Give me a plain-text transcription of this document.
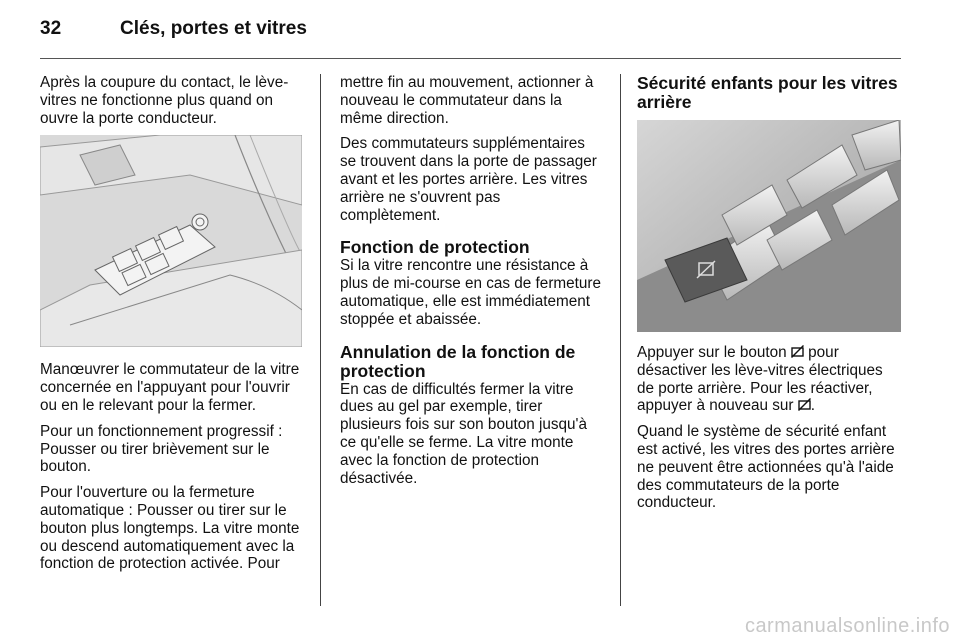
32	Clés, portes et vitres

Après la coupure du contact, le lève-vitres ne fonctionne plus quand on ouvre la porte conducteur.

Manœuvrer le commutateur de la vitre concernée en l'appuyant pour l'ouvrir ou en le relevant pour la fermer.

Pour un fonctionnement progressif : Pousser ou tirer brièvement sur le bouton.

Pour l'ouverture ou la fermeture automatique : Pousser ou tirer sur le bouton plus longtemps. La vitre monte ou descend automatiquement avec la fonction de protection activée. Pour

mettre fin au mouvement, actionner à nouveau le commutateur dans la même direction.

Des commutateurs supplémentaires se trouvent dans la porte de passager avant et les portes arrière. Les vitres arrière ne s'ouvrent pas complètement.

Fonction de protection

Si la vitre rencontre une résistance à plus de mi-course en cas de fermeture automatique, elle est immédiatement stoppée et abaissée.

Annulation de la fonction de protection

En cas de difficultés fermer la vitre dues au gel par exemple, tirer plusieurs fois sur son bouton jusqu'à ce qu'elle se ferme. La vitre monte avec la fonction de protection désactivée.

Sécurité enfants pour les vitres arrière

Appuyer sur le bouton pour désactiver les lève-vitres électriques de porte arrière. Pour les réactiver, appuyer à nouveau sur .

Quand le système de sécurité enfant est activé, les vitres des portes arrière ne peuvent être actionnées qu'à l'aide des commutateurs de la porte conducteur.

carmanualsonline.info
